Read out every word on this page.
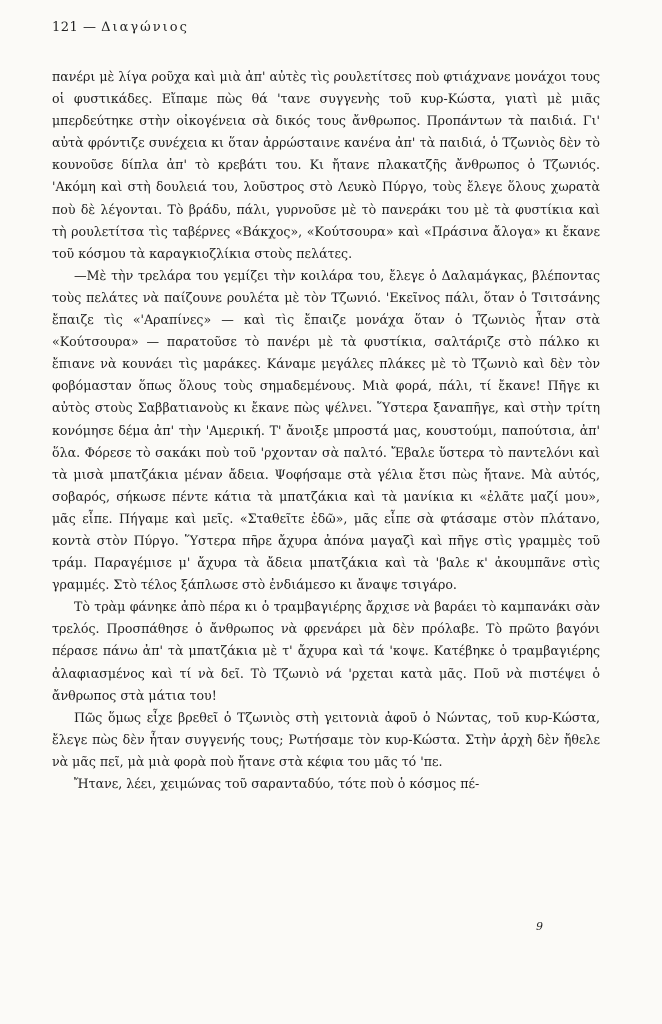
121 — Διαγώνιος

πανέρι μὲ λίγα ροῦχα καὶ μιὰ ἀπ' αὐτὲς τὶς ρουλετίτσες ποὺ φτιάχνανε μονάχοι τους οἱ φυστικάδες. Εἴπαμε πὼς θά 'τανε συγγενὴς τοῦ κυρ-Κώστα, γιατὶ μὲ μιᾶς μπερδεύτηκε στὴν οἰκογένεια σὰ δικός τους ἄνθρωπος. Προπάντων τὰ παιδιά. Γι' αὐτὰ φρόντιζε συνέχεια κι ὅταν ἀρρώσταινε κανένα ἀπ' τὰ παιδιά, ὁ Τζωνιὸς δὲν τὸ κουνοῦσε δίπλα ἀπ' τὸ κρεβάτι του. Κι ἤτανε πλακατζῆς ἄνθρωπος ὁ Τζωνιός. 'Ακόμη καὶ στὴ δουλειά του, λοῦστρος στὸ Λευκὸ Πύργο, τοὺς ἔλεγε ὅλους χωρατὰ ποὺ δὲ λέγονται. Τὸ βράδυ, πάλι, γυρνοῦσε μὲ τὸ πανεράκι του μὲ τὰ φυστίκια καὶ τὴ ρουλετίτσα τὶς ταβέρνες «Βάκχος», «Κούτσουρα» καὶ «Πράσινα ἄλογα» κι ἔκανε τοῦ κόσμου τὰ καραγκιοζλίκια στοὺς πελάτες.

—Μὲ τὴν τρελάρα του γεμίζει τὴν κοιλάρα του, ἔλεγε ὁ Δαλαμάγκας, βλέποντας τοὺς πελάτες νὰ παίζουνε ρουλέτα μὲ τὸν Τζωνιό. 'Εκεῖνος πάλι, ὅταν ὁ Τσιτσάνης ἔπαιζε τὶς «'Αραπίνες» — καὶ τὶς ἔπαιζε μονάχα ὅταν ὁ Τζωνιὸς ἦταν στὰ «Κούτσουρα» — παρατοῦσε τὸ πανέρι μὲ τὰ φυστίκια, σαλτάριζε στὸ πάλκο κι ἔπιανε νὰ κουνάει τὶς μαράκες. Κάναμε μεγάλες πλάκες μὲ τὸ Τζωνιὸ καὶ δὲν τὸν φοβόμασταν ὅπως ὅλους τοὺς σημαδεμένους. Μιὰ φορά, πάλι, τί ἔκανε! Πῆγε κι αὐτὸς στοὺς Σαββατιανοὺς κι ἔκανε πὼς ψέλνει. Ὕστερα ξαναπῆγε, καὶ στὴν τρίτη κονόμησε δέμα ἀπ' τὴν 'Αμερική. Τ' ἄνοιξε μπροστά μας, κουστούμι, παπούτσια, ἀπ' ὅλα. Φόρεσε τὸ σακάκι ποὺ τοῦ 'ρχονταν σὰ παλτό. Ἔβαλε ὕστερα τὸ παντελόνι καὶ τὰ μισὰ μπατζάκια μέναν ἄδεια. Ψοφήσαμε στὰ γέλια ἔτσι πὼς ἤτανε. Μὰ αὐτός, σοβαρός, σήκωσε πέντε κάτια τὰ μπατζάκια καὶ τὰ μανίκια κι «ἐλᾶτε μαζί μου», μᾶς εἶπε. Πήγαμε καὶ μεῖς. «Σταθεῖτε ἐδῶ», μᾶς εἶπε σὰ φτάσαμε στὸν πλάτανο, κοντὰ στὸν Πύργο. Ὕστερα πῆρε ἄχυρα ἀπόνα μαγαζὶ καὶ πῆγε στὶς γραμμὲς τοῦ τράμ. Παραγέμισε μ' ἄχυρα τὰ ἄδεια μπατζάκια καὶ τὰ 'βαλε κ' ἀκουμπᾶνε στὶς γραμμές. Στὸ τέλος ξάπλωσε στὸ ἐνδιάμεσο κι ἄναψε τσιγάρο.

Τὸ τρὰμ φάνηκε ἀπὸ πέρα κι ὁ τραμβαγιέρης ἄρχισε νὰ βαράει τὸ καμπανάκι σὰν τρελός. Προσπάθησε ὁ ἄνθρωπος νὰ φρενάρει μὰ δὲν πρόλαβε. Τὸ πρῶτο βαγόνι πέρασε πάνω ἀπ' τὰ μπατζάκια μὲ τ' ἄχυρα καὶ τά 'κοψε. Κατέβηκε ὁ τραμβαγιέρης ἀλαφιασμένος καὶ τί νὰ δεῖ. Τὸ Τζωνιὸ νά 'ρχεται κατὰ μᾶς. Ποῦ νὰ πιστέψει ὁ ἄνθρωπος στὰ μάτια του!

Πῶς ὅμως εἶχε βρεθεῖ ὁ Τζωνιὸς στὴ γειτονιὰ ἀφοῦ ὁ Νώντας, τοῦ κυρ-Κώστα, ἔλεγε πὼς δὲν ἦταν συγγενής τους; Ρωτήσαμε τὸν κυρ-Κώστα. Στὴν ἀρχὴ δὲν ἤθελε νὰ μᾶς πεῖ, μὰ μιὰ φορὰ ποὺ ἤτανε στὰ κέφια του μᾶς τό 'πε.

Ἤτανε, λέει, χειμώνας τοῦ σαρανταδύο, τότε ποὺ ὁ κόσμος πέ-

9
